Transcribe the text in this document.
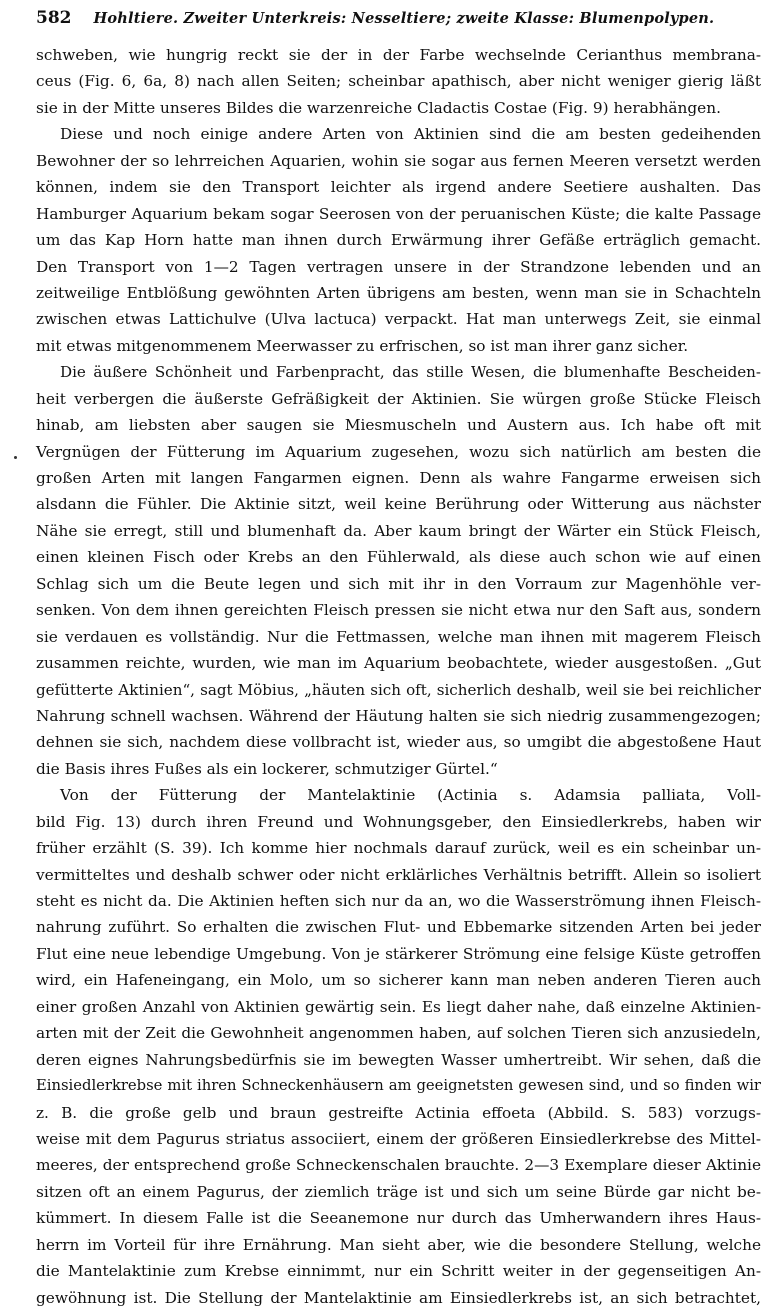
582 Hohltiere. Zweiter Unterkreis: Nesseltiere; zweite Klasse: Blumenpolypen.
schweben, wie hungrig reckt sie der in der Farbe wechselnde Cerianthus membrana-
ceus (Fig. 6, 6a, 8) nach allen Seiten; scheinbar apathisch, aber nicht weniger gierig läßt
sie in der Mitte unseres Bildes die warzenreiche Cladactis Costae (Fig. 9) herabhängen.
Diese und noch einige andere Arten von Aktinien sind die am besten gedeihenden
Bewohner der so lehrreichen Aquarien, wohin sie sogar aus fernen Meeren versetzt werden
können, indem sie den Transport leichter als irgend andere Seetiere aushalten. Das
Hamburger Aquarium bekam sogar Seerosen von der peruanischen Küste; die kalte Passage
um das Kap Horn hatte man ihnen durch Erwärmung ihrer Gefäße erträglich gemacht.
Den Transport von 1—2 Tagen vertragen unsere in der Strandzone lebenden und an
zeitweilige Entblößung gewöhnten Arten übrigens am besten, wenn man sie in Schachteln
zwischen etwas Lattichulve (Ulva lactuca) verpackt. Hat man unterwegs Zeit, sie einmal
mit etwas mitgenommenem Meerwasser zu erfrischen, so ist man ihrer ganz sicher.
Die äußere Schönheit und Farbenpracht, das stille Wesen, die blumenhafte Bescheiden-
heit verbergen die äußerste Gefräßigkeit der Aktinien. Sie würgen große Stücke Fleisch
hinab, am liebsten aber saugen sie Miesmuscheln und Austern aus. Ich habe oft mit
Vergnügen der Fütterung im Aquarium zugesehen, wozu sich natürlich am besten die
großen Arten mit langen Fangarmen eignen. Denn als wahre Fangarme erweisen sich
alsdann die Fühler. Die Aktinie sitzt, weil keine Berührung oder Witterung aus nächster
Nähe sie erregt, still und blumenhaft da. Aber kaum bringt der Wärter ein Stück Fleisch,
einen kleinen Fisch oder Krebs an den Fühlerwald, als diese auch schon wie auf einen
Schlag sich um die Beute legen und sich mit ihr in den Vorraum zur Magenhöhle ver-
senken. Von dem ihnen gereichten Fleisch pressen sie nicht etwa nur den Saft aus, sondern
sie verdauen es vollständig. Nur die Fettmassen, welche man ihnen mit magerem Fleisch
zusammen reichte, wurden, wie man im Aquarium beobachtete, wieder ausgestoßen. „Gut
gefütterte Aktinien“, sagt Möbius, „häuten sich oft, sicherlich deshalb, weil sie bei reichlicher
Nahrung schnell wachsen. Während der Häutung halten sie sich niedrig zusammengezogen;
dehnen sie sich, nachdem diese vollbracht ist, wieder aus, so umgibt die abgestoßene Haut
die Basis ihres Fußes als ein lockerer, schmutziger Gürtel.“
Von der Fütterung der Mantelaktinie (Actinia s. Adamsia palliata, Voll-
bild Fig. 13) durch ihren Freund und Wohnungsgeber, den Einsiedlerkrebs, haben wir
früher erzählt (S. 39). Ich komme hier nochmals darauf zurück, weil es ein scheinbar un-
vermitteltes und deshalb schwer oder nicht erklärliches Verhältnis betrifft. Allein so isoliert
steht es nicht da. Die Aktinien heften sich nur da an, wo die Wasserströmung ihnen Fleisch-
nahrung zuführt. So erhalten die zwischen Flut- und Ebbemarke sitzenden Arten bei jeder
Flut eine neue lebendige Umgebung. Von je stärkerer Strömung eine felsige Küste getroffen
wird, ein Hafeneingang, ein Molo, um so sicherer kann man neben anderen Tieren auch
einer großen Anzahl von Aktinien gewärtig sein. Es liegt daher nahe, daß einzelne Aktinien-
arten mit der Zeit die Gewohnheit angenommen haben, auf solchen Tieren sich anzusiedeln,
deren eignes Nahrungsbedürfnis sie im bewegten Wasser umhertreibt. Wir sehen, daß die
Einsiedlerkrebse mit ihren Schneckenhäusern am geeignetsten gewesen sind, und so finden wir
z. B. die große gelb und braun gestreifte Actinia effoeta (Abbild. S. 583) vorzugs-
weise mit dem Pagurus striatus associiert, einem der größeren Einsiedlerkrebse des Mittel-
meeres, der entsprechend große Schneckenschalen brauchte. 2—3 Exemplare dieser Aktinie
sitzen oft an einem Pagurus, der ziemlich träge ist und sich um seine Bürde gar nicht be-
kümmert. In diesem Falle ist die Seeanemone nur durch das Umherwandern ihres Haus-
herrn im Vorteil für ihre Ernährung. Man sieht aber, wie die besondere Stellung, welche
die Mantelaktinie zum Krebse einnimmt, nur ein Schritt weiter in der gegenseitigen An-
gewöhnung ist. Die Stellung der Mantelaktinie am Einsiedlerkrebs ist, an sich betrachtet,
